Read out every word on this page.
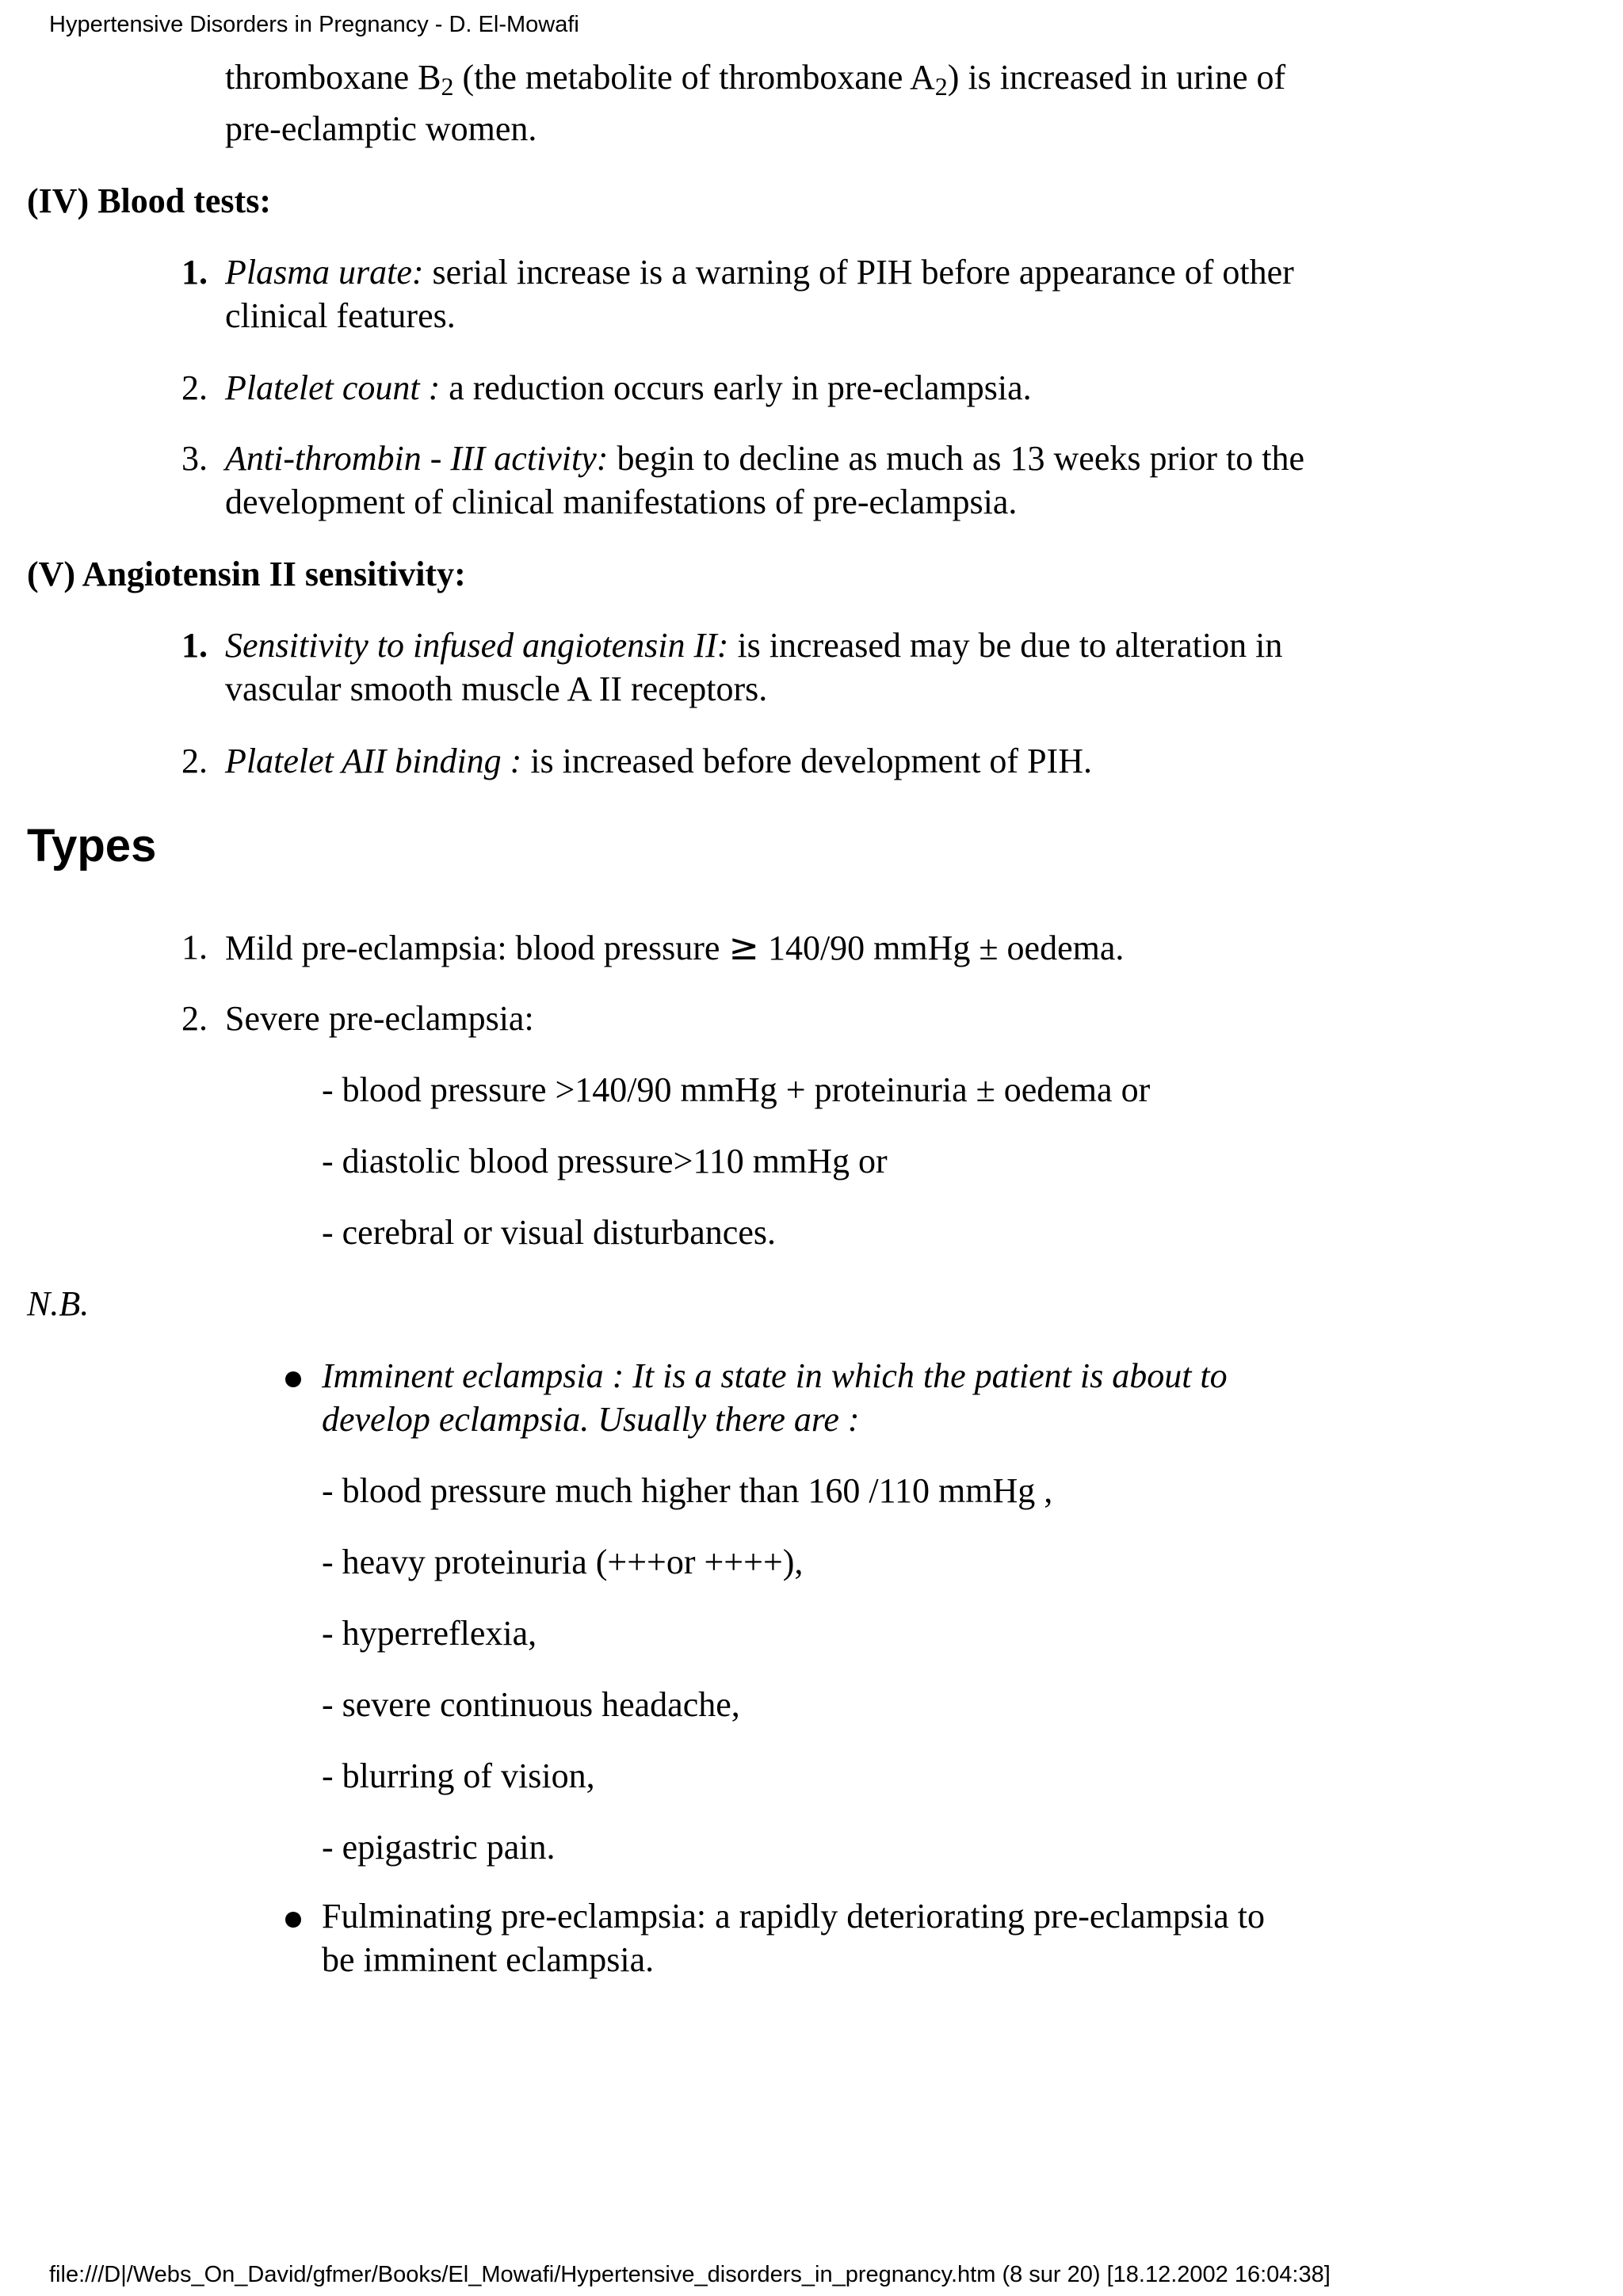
Hypertensive Disorders in Pregnancy - D. El-Mowafi
thromboxane $B_2$ (the metabolite of thromboxane $A_2$) is increased in urine of
pre-eclamptic women.
(IV) Blood tests:
1. Plasma urate: serial increase is a warning of PIH before appearance of other
clinical features.
2. Platelet count : a reduction occurs early in pre-eclampsia.
3. Anti-thrombin - III activity: begin to decline as much as 13 weeks prior to the
development of clinical manifestations of pre-eclampsia.
(V) Angiotensin II sensitivity:
1. Sensitivity to infused angiotensin II: is increased may be due to alteration in
vascular smooth muscle A II receptors.
2. Platelet AII binding : is increased before development of PIH.
Types
1. Mild pre-eclampsia: blood pressure ≥ 140/90 mmHg ± oedema.
2. Severe pre-eclampsia:
- blood pressure >140/90 mmHg + proteinuria ± oedema or
- diastolic blood pressure>110 mmHg or
- cerebral or visual disturbances.
N.B.
Imminent eclampsia : It is a state in which the patient is about to
develop eclampsia. Usually there are :
- blood pressure much higher than 160 /110 mmHg ,
- heavy proteinuria (+++or ++++),
- hyperreflexia,
- severe continuous headache,
- blurring of vision,
- epigastric pain.
Fulminating pre-eclampsia: a rapidly deteriorating pre-eclampsia to
be imminent eclampsia.
file:///D|/Webs_On_David/gfmer/Books/El_Mowafi/Hypertensive_disorders_in_pregnancy.htm (8 sur 20) [18.12.2002 16:04:38]
